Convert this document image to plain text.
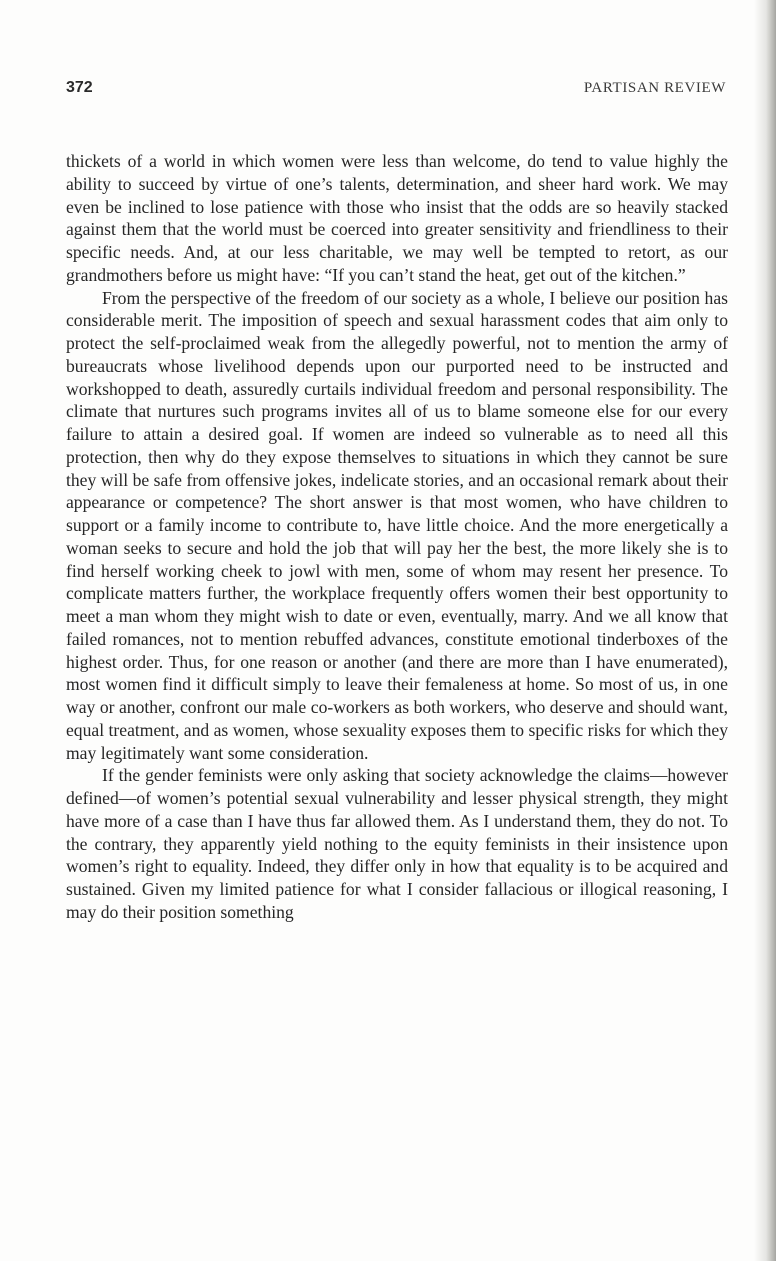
372	PARTISAN REVIEW

thickets of a world in which women were less than welcome, do tend to value highly the ability to succeed by virtue of one’s talents, determination, and sheer hard work. We may even be inclined to lose patience with those who insist that the odds are so heavily stacked against them that the world must be coerced into greater sensitivity and friendliness to their specific needs. And, at our less charitable, we may well be tempted to retort, as our grandmothers before us might have: “If you can’t stand the heat, get out of the kitchen.”

From the perspective of the freedom of our society as a whole, I believe our position has considerable merit. The imposition of speech and sexual harassment codes that aim only to protect the self-proclaimed weak from the allegedly powerful, not to mention the army of bureaucrats whose livelihood depends upon our purported need to be instructed and workshopped to death, assuredly curtails individual freedom and personal responsibility. The climate that nurtures such programs invites all of us to blame someone else for our every failure to attain a desired goal. If women are indeed so vulnerable as to need all this protection, then why do they expose themselves to situations in which they cannot be sure they will be safe from offensive jokes, indelicate stories, and an occasional remark about their appearance or competence? The short answer is that most women, who have children to support or a family income to contribute to, have little choice. And the more energetically a woman seeks to secure and hold the job that will pay her the best, the more likely she is to find herself working cheek to jowl with men, some of whom may resent her presence. To complicate matters further, the workplace frequently offers women their best opportunity to meet a man whom they might wish to date or even, eventually, marry. And we all know that failed romances, not to mention rebuffed advances, constitute emotional tinderboxes of the highest order. Thus, for one reason or another (and there are more than I have enumerated), most women find it difficult simply to leave their femaleness at home. So most of us, in one way or another, confront our male co-workers as both workers, who deserve and should want, equal treatment, and as women, whose sexuality exposes them to specific risks for which they may legitimately want some consideration.

If the gender feminists were only asking that society acknowledge the claims—however defined—of women’s potential sexual vulnerability and lesser physical strength, they might have more of a case than I have thus far allowed them. As I understand them, they do not. To the contrary, they apparently yield nothing to the equity feminists in their insistence upon women’s right to equality. Indeed, they differ only in how that equality is to be acquired and sustained. Given my limited patience for what I consider fallacious or illogical reasoning, I may do their position something
